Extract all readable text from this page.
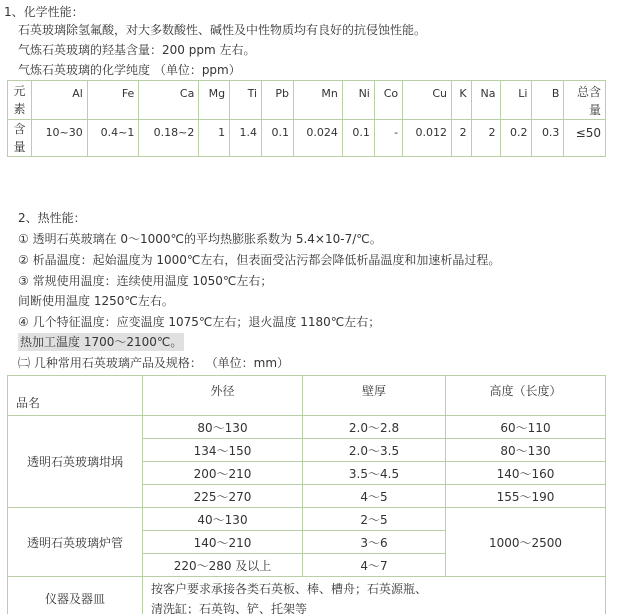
1、化学性能：
石英玻璃除氢氟酸，对大多数酸性、碱性及中性物质均有良好的抗侵蚀性能。
气炼石英玻璃的羟基含量：200 ppm 左右。
气炼石英玻璃的化学纯度 （单位：ppm）
元
素	Al	Fe	Ca	Mg	Ti	Pb	Mn	Ni	Co	Cu	K	Na	Li	B	总含
量
含
量	10~30	0.4~1	0.18~2	1	1.4	0.1	0.024	0.1	-	0.012	2	2	0.2	0.3	≤50
2、热性能：
① 透明石英玻璃在 0～1000℃的平均热膨胀系数为 5.4×10-7/℃。
② 析晶温度：起始温度为 1000℃左右，但表面受沾污都会降低析晶温度和加速析晶过程。
③ 常规使用温度：连续使用温度 1050℃左右；
间断使用温度 1250℃左右。
④ 几个特征温度：应变温度 1075℃左右；退火温度 1180℃左右；
热加工温度 1700～2100℃。
㈡ 几种常用石英玻璃产品及规格： （单位：mm）
品名	外径	壁厚	高度（长度）
透明石英玻璃坩埚	80～130	2.0～2.8	60～110
	134～150	2.0～3.5	80～130
	200～210	3.5～4.5	140～160
	225～270	4～5	155～190
透明石英玻璃炉管	40～130	2～5	1000～2500
	140～210	3～6	
	220～280 及以上	4～7	
仪器及器皿	按客户要求承接各类石英板、棒、槽舟；石英源瓶、
清洗缸；石英钩、铲、托架等		
